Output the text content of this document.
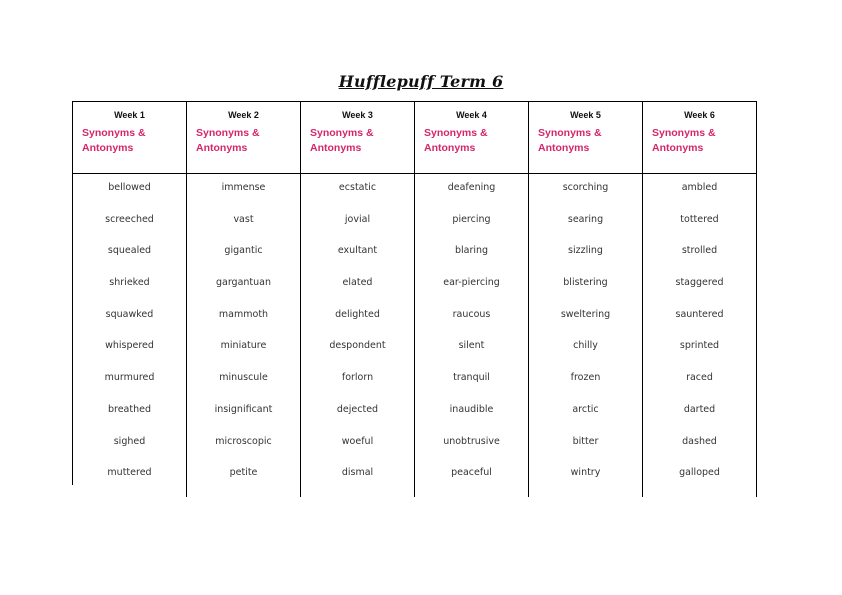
Hufflepuff Term 6
Week 1
Synonyms & Antonyms
bellowed
screeched
squealed
shrieked
squawked
whispered
murmured
breathed
sighed
muttered
Week 2
Synonyms & Antonyms
immense
vast
gigantic
gargantuan
mammoth
miniature
minuscule
insignificant
microscopic
petite
Week 3
Synonyms & Antonyms
ecstatic
jovial
exultant
elated
delighted
despondent
forlorn
dejected
woeful
dismal
Week 4
Synonyms & Antonyms
deafening
piercing
blaring
ear-piercing
raucous
silent
tranquil
inaudible
unobtrusive
peaceful
Week 5
Synonyms & Antonyms
scorching
searing
sizzling
blistering
sweltering
chilly
frozen
arctic
bitter
wintry
Week 6
Synonyms & Antonyms
ambled
tottered
strolled
staggered
sauntered
sprinted
raced
darted
dashed
galloped
